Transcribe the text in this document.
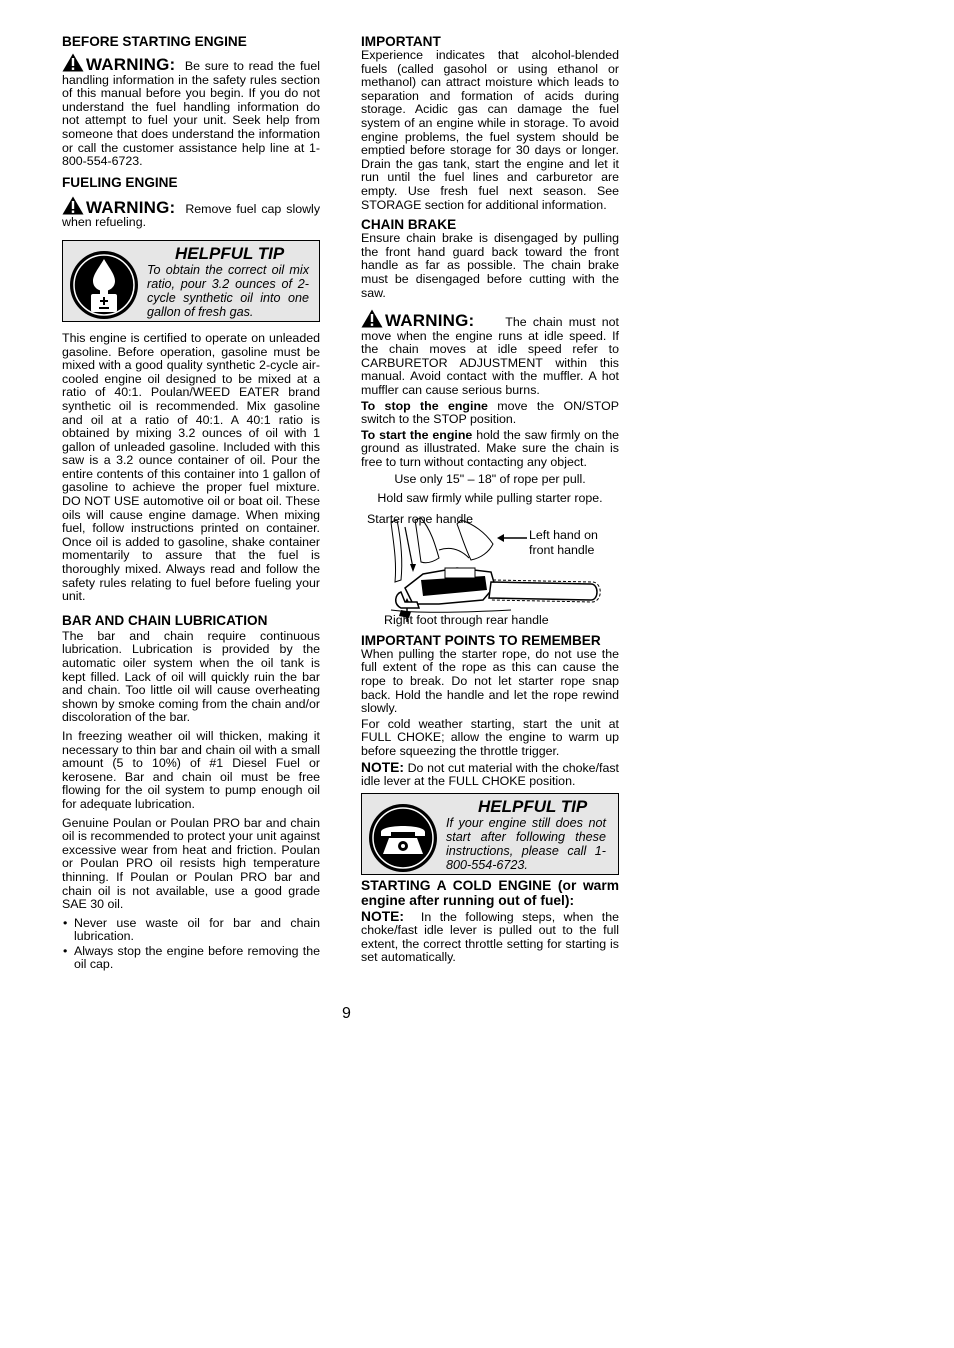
BEFORE STARTING ENGINE

WARNING: Be sure to read the fuel handling information in the safety rules section of this manual before you begin. If you do not understand the fuel handling information do not attempt to fuel your unit. Seek help from someone that does understand the information or call the customer assistance help line at 1-800-554-6723.

FUELING ENGINE

WARNING: Remove fuel cap slowly when refueling.

HELPFUL TIP
To obtain the correct oil mix ratio, pour 3.2 ounces of 2-cycle synthetic oil into one gallon of fresh gas.

This engine is certified to operate on unleaded gasoline. Before operation, gasoline must be mixed with a good quality synthetic 2-cycle air-cooled engine oil designed to be mixed at a ratio of 40:1. Poulan/WEED EATER brand synthetic oil is recommended. Mix gasoline and oil at a ratio of 40:1. A 40:1 ratio is obtained by mixing 3.2 ounces of oil with 1 gallon of unleaded gasoline. Included with this saw is a 3.2 ounce container of oil. Pour the entire contents of this container into 1 gallon of gasoline to achieve the proper fuel mixture. DO NOT USE automotive oil or boat oil. These oils will cause engine damage. When mixing fuel, follow instructions printed on container. Once oil is added to gasoline, shake container momentarily to assure that the fuel is thoroughly mixed. Always read and follow the safety rules relating to fuel before fueling your unit.

BAR AND CHAIN LUBRICATION

The bar and chain require continuous lubrication. Lubrication is provided by the automatic oiler system when the oil tank is kept filled. Lack of oil will quickly ruin the bar and chain. Too little oil will cause overheating shown by smoke coming from the chain and/or discoloration of the bar.

In freezing weather oil will thicken, making it necessary to thin bar and chain oil with a small amount (5 to 10%) of #1 Diesel Fuel or kerosene. Bar and chain oil must be free flowing for the oil system to pump enough oil for adequate lubrication.

Genuine Poulan or Poulan PRO bar and chain oil is recommended to protect your unit against excessive wear from heat and friction. Poulan or Poulan PRO oil resists high temperature thinning. If Poulan or Poulan PRO bar and chain oil is not available, use a good grade SAE 30 oil.

• Never use waste oil for bar and chain lubrication.
• Always stop the engine before removing the oil cap.
IMPORTANT

Experience indicates that alcohol-blended fuels (called gasohol or using ethanol or methanol) can attract moisture which leads to separation and formation of acids during storage. Acidic gas can damage the fuel system of an engine while in storage. To avoid engine problems, the fuel system should be emptied before storage for 30 days or longer. Drain the gas tank, start the engine and let it run until the fuel lines and carburetor are empty. Use fresh fuel next season. See STORAGE section for additional information.

CHAIN BRAKE

Ensure chain brake is disengaged by pulling the front hand guard back toward the front handle as far as possible. The chain brake must be disengaged before cutting with the saw.

WARNING: The chain must not move when the engine runs at idle speed. If the chain moves at idle speed refer to CARBURETOR ADJUSTMENT within this manual. Avoid contact with the muffler. A hot muffler can cause serious burns.

To stop the engine move the ON/STOP switch to the STOP position.

To start the engine hold the saw firmly on the ground as illustrated. Make sure the chain is free to turn without contacting any object.

Use only 15" – 18" of rope per pull.
Hold saw firmly while pulling starter rope.
Starter rope handle
Left hand on front handle
Right foot through rear handle
IMPORTANT POINTS TO REMEMBER

When pulling the starter rope, do not use the full extent of the rope as this can cause the rope to break. Do not let starter rope snap back. Hold the handle and let the rope rewind slowly.

For cold weather starting, start the unit at FULL CHOKE; allow the engine to warm up before squeezing the throttle trigger.

NOTE: Do not cut material with the choke/fast idle lever at the FULL CHOKE position.

HELPFUL TIP
If your engine still does not start after following these instructions, please call 1-800-554-6723.
STARTING A COLD ENGINE (or warm engine after running out of fuel):

NOTE: In the following steps, when the choke/fast idle lever is pulled out to the full extent, the correct throttle setting for starting is set automatically.

9
